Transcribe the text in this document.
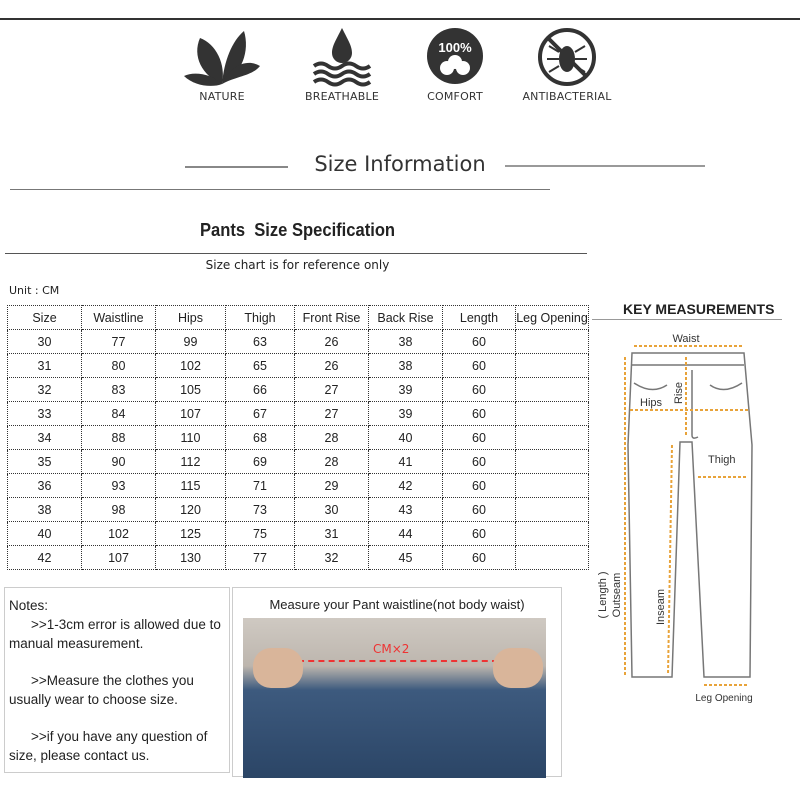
NATURE	BREATHABLE
100%
COMFORT	ANTIBACTERIAL
Size Information
Pants  Size Specification
Size chart is for reference only
Unit : CM
Size	Waistline	Hips	Thigh	Front Rise	Back Rise	Length	Leg Opening
30	77	99	63	26	38	60	
31	80	102	65	26	38	60	
32	83	105	66	27	39	60	
33	84	107	67	27	39	60	
34	88	110	68	28	40	60	
35	90	112	69	28	41	60	
36	93	115	71	29	42	60	
38	98	120	73	30	43	60	
40	102	125	75	31	44	60	
42	107	130	77	32	45	60	
KEY MEASUREMENTS
Waist
Rise
Hips
Thigh
( Length ) Outseam	Inseam
Leg Opening
Notes:

>>1-3cm error is allowed due to manual measurement.

>>Measure the clothes you usually wear to choose size.

>>if you have any question of size, please contact us.

Measure your Pant waistline(not body waist)
CM×2
